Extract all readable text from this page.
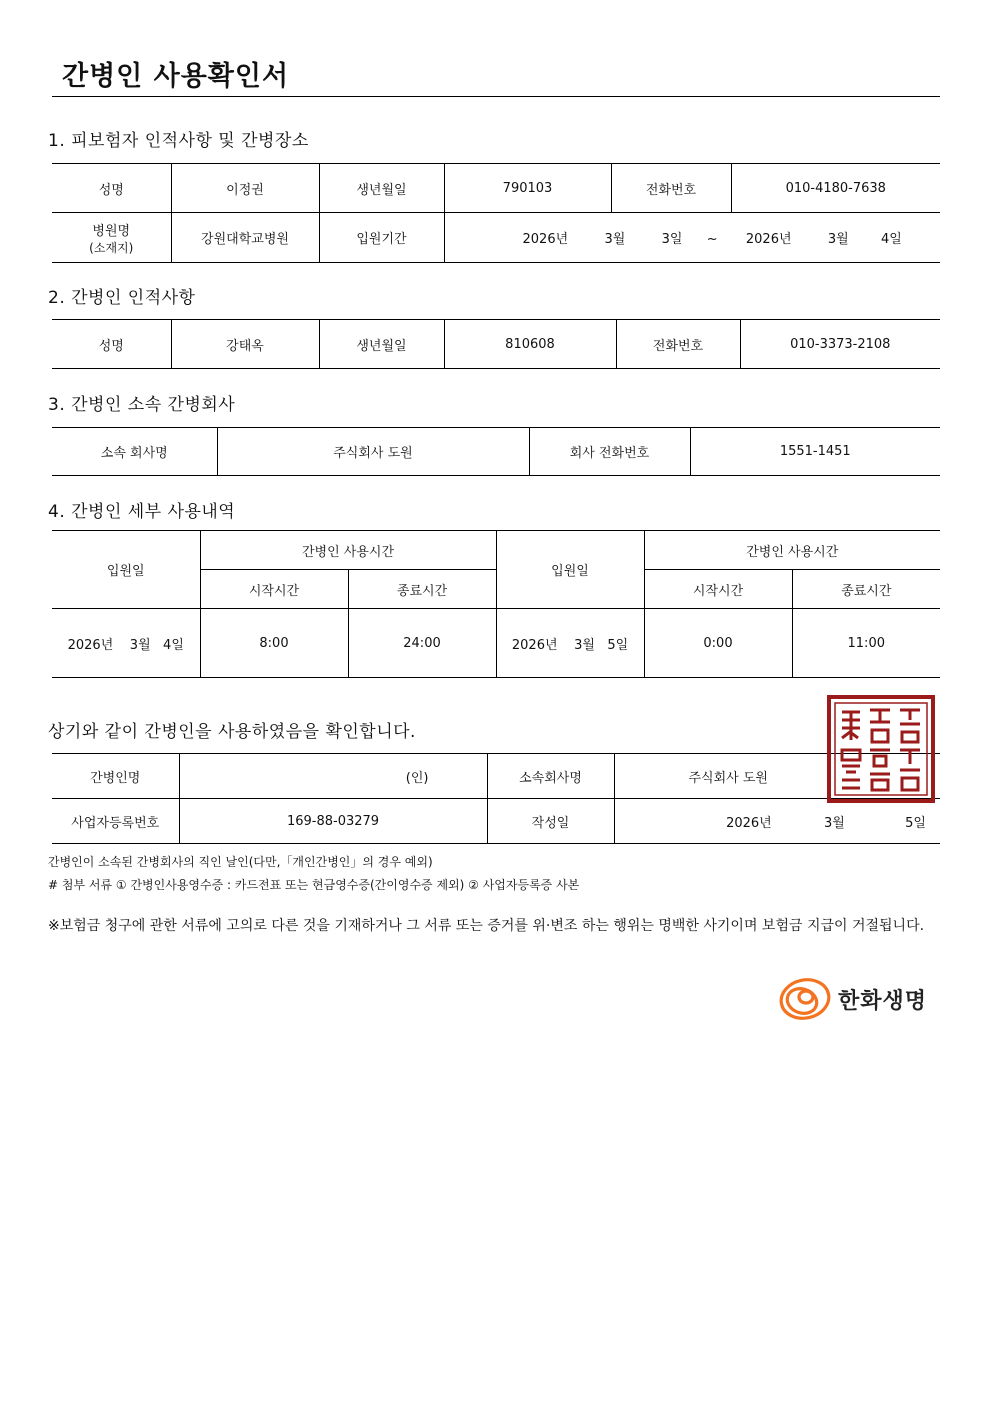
간병인 사용확인서
1. 피보험자 인적사항 및 간병장소
성명	이정권	생년월일	790103	전화번호	010-4180-7638

병원명
(소재지)	강원대학교병원	입원기간	2026년 3월 3일 ~ 2026년 3월 4일		
2. 간병인 인적사항
성명	강태옥	생년월일	810608	전화번호	010-3373-2108
3. 간병인 소속 간병회사
소속 회사명	주식회사 도원	회사 전화번호	1551-1451
4. 간병인 세부 사용내역
입원일	간병인 사용시간		입원일	간병인 사용시간	
	시작시간	종료시간		시작시간	종료시간
2026년 3월 4일	8:00	24:00	2026년 3월 5일	0:00	11:00
상기와 같이 간병인을 사용하였음을 확인합니다.
간병인명	(인)	소속회사명	주식회사 도원
사업자등록번호	169-88-03279	작성일	2026년 3월 5일
간병인이 소속된 간병회사의 직인 날인(다만,「개인간병인」의 경우 예외)
# 첨부 서류 ① 간병인사용영수증 : 카드전표 또는 현금영수증(간이영수증 제외) ② 사업자등록증 사본
※보험금 청구에 관한 서류에 고의로 다른 것을 기재하거나 그 서류 또는 증거를 위·변조 하는 행위는 명백한 사기이며 보험금 지급이 거절됩니다.
한화생명
